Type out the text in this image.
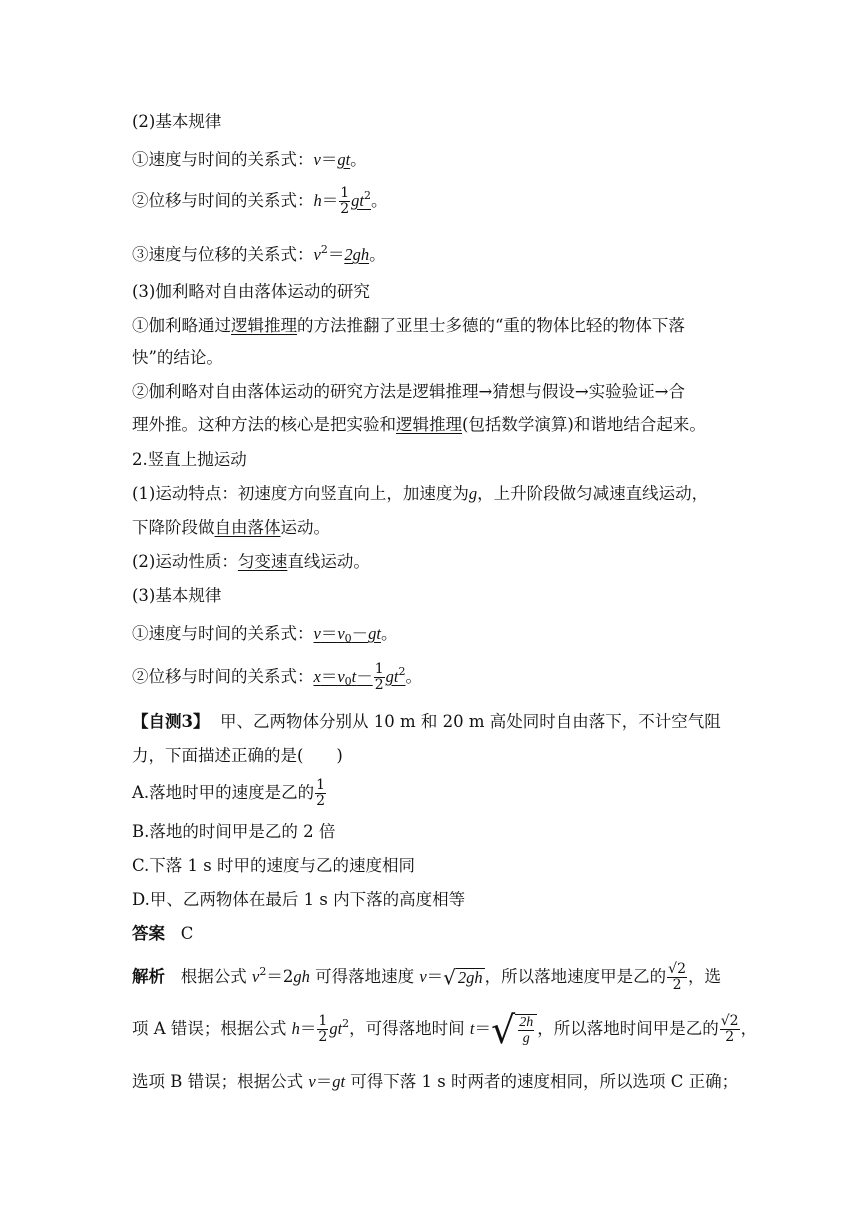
(2)基本规律
①速度与时间的关系式：v＝gt。
②位移与时间的关系式：$h= \frac{1}{2} gt^2$。
③速度与位移的关系式：$v^2=2gh$。
(3)伽利略对自由落体运动的研究
①伽利略通过逻辑推理的方法推翻了亚里士多德的“重的物体比轻的物体下落
快”的结论。
②伽利略对自由落体运动的研究方法是逻辑推理→猜想与假设→实验验证→合
理外推。这种方法的核心是把实验和逻辑推理(包括数学演算)和谐地结合起来。
2.竖直上抛运动
(1)运动特点：初速度方向竖直向上，加速度为g，上升阶段做匀减速直线运动，
下降阶段做自由落体运动。
(2)运动性质：匀变速直线运动。
(3)基本规律
①速度与时间的关系式：$v=v_0-gt$。
②位移与时间的关系式：$x=v_0t- \frac{1}{2} gt^2$。
【自测3】 甲、乙两物体分别从 10 m 和 20 m 高处同时自由落下，不计空气阻
力，下面描述正确的是(　　)
A.落地时甲的速度是乙的 $\frac{1}{2}$
B.落地的时间甲是乙的 2 倍
C.下落 1 s 时甲的速度与乙的速度相同
D.甲、乙两物体在最后 1 s 内下落的高度相等
答案 C
解析 根据公式 $v^2=2gh$ 可得落地速度 v＝√ 2gh ，所以落地速度甲是乙的 $\frac{√2}{2}$ ，选
项 A 错误；根据公式 $h= \frac{1}{2} gt^2$，可得落地时间 $t=√ \frac{2h}{g}$ ，所以落地时间甲是乙的 $\frac{√2}{2}$ ，
选项 B 错误；根据公式 v＝gt 可得下落 1 s 时两者的速度相同，所以选项 C 正确；
